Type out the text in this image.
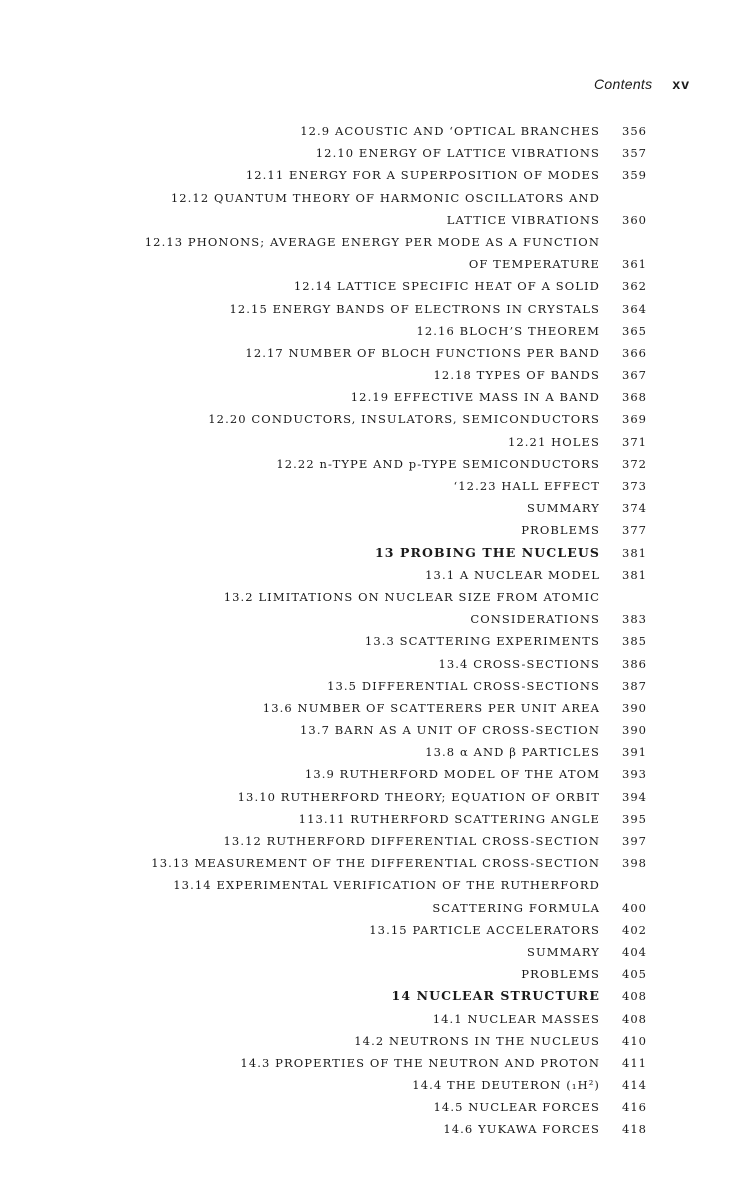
Contents xv
12.9 ACOUSTIC AND ‘OPTICAL BRANCHES 356
12.10 ENERGY OF LATTICE VIBRATIONS 357
12.11 ENERGY FOR A SUPERPOSITION OF MODES 359
12.12 QUANTUM THEORY OF HARMONIC OSCILLATORS AND
LATTICE VIBRATIONS 360
12.13 PHONONS; AVERAGE ENERGY PER MODE AS A FUNCTION
OF TEMPERATURE 361
12.14 LATTICE SPECIFIC HEAT OF A SOLID 362
12.15 ENERGY BANDS OF ELECTRONS IN CRYSTALS 364
12.16 BLOCH’S THEOREM 365
12.17 NUMBER OF BLOCH FUNCTIONS PER BAND 366
12.18 TYPES OF BANDS 367
12.19 EFFECTIVE MASS IN A BAND 368
12.20 CONDUCTORS, INSULATORS, SEMICONDUCTORS 369
12.21 HOLES 371
12.22 n-TYPE AND p-TYPE SEMICONDUCTORS 372
‘12.23 HALL EFFECT 373
SUMMARY 374
PROBLEMS 377
13 PROBING THE NUCLEUS 381
13.1 A NUCLEAR MODEL 381
13.2 LIMITATIONS ON NUCLEAR SIZE FROM ATOMIC
CONSIDERATIONS 383
13.3 SCATTERING EXPERIMENTS 385
13.4 CROSS-SECTIONS 386
13.5 DIFFERENTIAL CROSS-SECTIONS 387
13.6 NUMBER OF SCATTERERS PER UNIT AREA 390
13.7 BARN AS A UNIT OF CROSS-SECTION 390
13.8 α AND β PARTICLES 391
13.9 RUTHERFORD MODEL OF THE ATOM 393
13.10 RUTHERFORD THEORY; EQUATION OF ORBIT 394
113.11 RUTHERFORD SCATTERING ANGLE 395
13.12 RUTHERFORD DIFFERENTIAL CROSS-SECTION 397
13.13 MEASUREMENT OF THE DIFFERENTIAL CROSS-SECTION 398
13.14 EXPERIMENTAL VERIFICATION OF THE RUTHERFORD
SCATTERING FORMULA 400
13.15 PARTICLE ACCELERATORS 402
SUMMARY 404
PROBLEMS 405
14 NUCLEAR STRUCTURE 408
14.1 NUCLEAR MASSES 408
14.2 NEUTRONS IN THE NUCLEUS 410
14.3 PROPERTIES OF THE NEUTRON AND PROTON 411
14.4 THE DEUTERON (₁H²) 414
14.5 NUCLEAR FORCES 416
14.6 YUKAWA FORCES 418
